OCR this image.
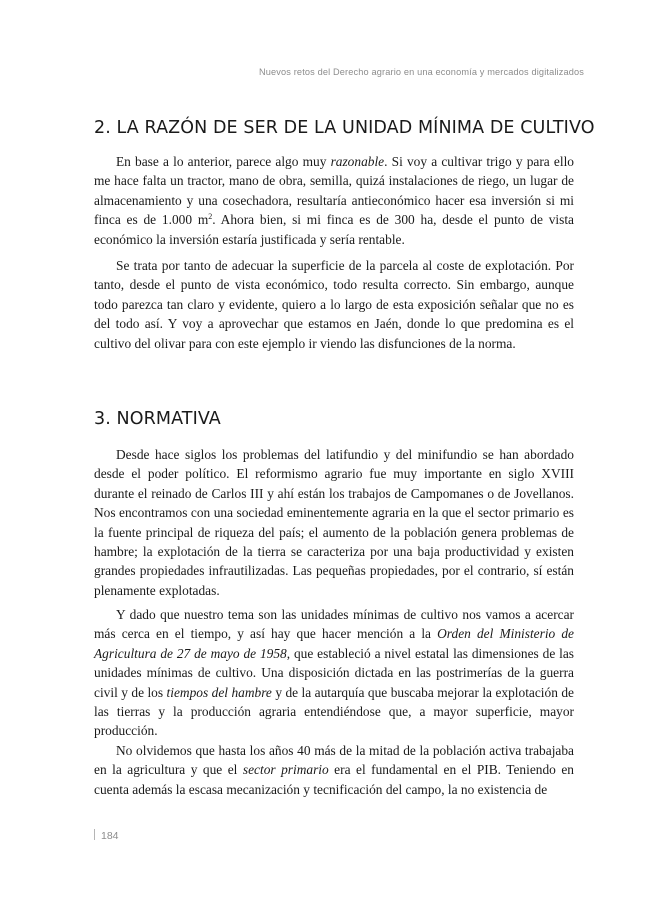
Nuevos retos del Derecho agrario en una economía y mercados digitalizados
2. LA RAZÓN DE SER DE LA UNIDAD MÍNIMA DE CULTIVO

En base a lo anterior, parece algo muy razonable. Si voy a cultivar trigo y para ello me hace falta un tractor, mano de obra, semilla, quizá instalaciones de riego, un lugar de almacenamiento y una cosechadora, resultaría antieconómico hacer esa inversión si mi finca es de 1.000 $m^2$. Ahora bien, si mi finca es de 300 ha, desde el punto de vista económico la inversión estaría justificada y sería rentable.

Se trata por tanto de adecuar la superficie de la parcela al coste de explotación. Por tanto, desde el punto de vista económico, todo resulta correcto. Sin embargo, aunque todo parezca tan claro y evidente, quiero a lo largo de esta exposición señalar que no es del todo así. Y voy a aprovechar que estamos en Jaén, donde lo que predomina es el cultivo del olivar para con este ejemplo ir viendo las disfunciones de la norma.

3. NORMATIVA

Desde hace siglos los problemas del latifundio y del minifundio se han abordado desde el poder político. El reformismo agrario fue muy importante en siglo XVIII durante el reinado de Carlos III y ahí están los trabajos de Campomanes o de Jovellanos. Nos encontramos con una sociedad eminentemente agraria en la que el sector primario es la fuente principal de riqueza del país; el aumento de la población genera problemas de hambre; la explotación de la tierra se caracteriza por una baja productividad y existen grandes propiedades infrautilizadas. Las pequeñas propiedades, por el contrario, sí están plenamente explotadas.

Y dado que nuestro tema son las unidades mínimas de cultivo nos vamos a acercar más cerca en el tiempo, y así hay que hacer mención a la Orden del Ministerio de Agricultura de 27 de mayo de 1958, que estableció a nivel estatal las dimensiones de las unidades mínimas de cultivo. Una disposición dictada en las postrimerías de la guerra civil y de los tiempos del hambre y de la autarquía que buscaba mejorar la explotación de las tierras y la producción agraria entendiéndose que, a mayor superficie, mayor producción.

No olvidemos que hasta los años 40 más de la mitad de la población activa trabajaba en la agricultura y que el sector primario era el fundamental en el PIB. Teniendo en cuenta además la escasa mecanización y tecnificación del campo, la no existencia de

184
